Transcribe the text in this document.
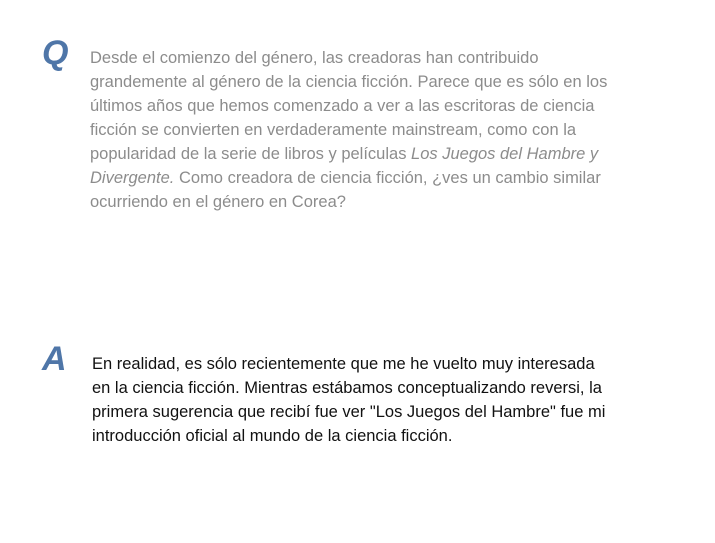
Q Desde el comienzo del género, las creadoras han contribuido grandemente al género de la ciencia ficción. Parece que es sólo en los últimos años que hemos comenzado a ver a las escritoras de ciencia ficción se convierten en verdaderamente mainstream, como con la popularidad de la serie de libros y películas Los Juegos del Hambre y Divergente. Como creadora de ciencia ficción, ¿ves un cambio similar ocurriendo en el género en Corea?

A En realidad, es sólo recientemente que me he vuelto muy interesada en la ciencia ficción. Mientras estábamos conceptualizando reversi, la primera sugerencia que recibí fue ver "Los Juegos del Hambre" fue mi introducción oficial al mundo de la ciencia ficción.
